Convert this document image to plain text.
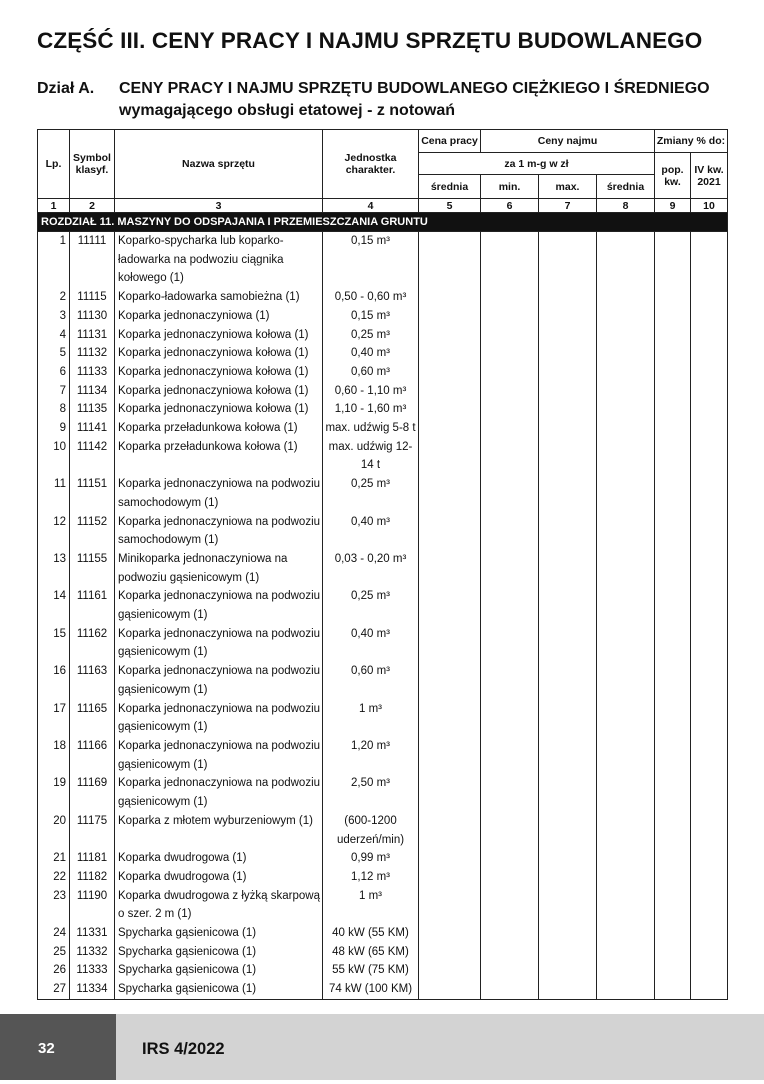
CZĘŚĆ III. CENY PRACY I NAJMU SPRZĘTU BUDOWLANEGO
Dział A. CENY PRACY I NAJMU SPRZĘTU BUDOWLANEGO CIĘŻKIEGO I ŚREDNIEGO
wymagającego obsługi etatowej - z notowań
Lp.	Symbol klasyf.	Nazwa sprzętu	Jednostka charakter.	Cena pracy	Ceny najmu			Zmiany % do:	
				za 1 m-g w zł				pop. kw.	IV kw. 2021
				średnia	min.	max.	średnia		
1	2	3	4	5	6	7	8	9	10
ROZDZIAŁ 11. MASZYNY DO ODSPAJANIA I PRZEMIESZCZANIA GRUNTU									
1	11111	Koparko-spycharka lub koparko-ładowarka na podwoziu ciągnika kołowego (1)	0,15 m³						
2	11115	Koparko-ładowarka samobieżna (1)	0,50 - 0,60 m³						
3	11130	Koparka jednonaczyniowa (1)	0,15 m³						
4	11131	Koparka jednonaczyniowa kołowa (1)	0,25 m³						
5	11132	Koparka jednonaczyniowa kołowa (1)	0,40 m³						
6	11133	Koparka jednonaczyniowa kołowa (1)	0,60 m³						
7	11134	Koparka jednonaczyniowa kołowa (1)	0,60 - 1,10 m³						
8	11135	Koparka jednonaczyniowa kołowa (1)	1,10 - 1,60 m³						
9	11141	Koparka przeładunkowa kołowa (1)	max. udźwig 5-8 t						
10	11142	Koparka przeładunkowa kołowa (1)	max. udźwig 12-14 t						
11	11151	Koparka jednonaczyniowa na podwoziu samochodowym (1)	0,25 m³						
12	11152	Koparka jednonaczyniowa na podwoziu samochodowym (1)	0,40 m³						
13	11155	Minikoparka jednonaczyniowa na podwoziu gąsienicowym (1)	0,03 - 0,20 m³						
14	11161	Koparka jednonaczyniowa na podwoziu gąsienicowym (1)	0,25 m³						
15	11162	Koparka jednonaczyniowa na podwoziu gąsienicowym (1)	0,40 m³						
16	11163	Koparka jednonaczyniowa na podwoziu gąsienicowym (1)	0,60 m³						
17	11165	Koparka jednonaczyniowa na podwoziu gąsienicowym (1)	1 m³						
18	11166	Koparka jednonaczyniowa na podwoziu gąsienicowym (1)	1,20 m³						
19	11169	Koparka jednonaczyniowa na podwoziu gąsienicowym (1)	2,50 m³						
20	11175	Koparka z młotem wyburzeniowym (1)	(600-1200 uderzeń/min)						
21	11181	Koparka dwudrogowa (1)	0,99 m³						
22	11182	Koparka dwudrogowa (1)	1,12 m³						
23	11190	Koparka dwudrogowa z łyżką skarpową o szer. 2 m (1)	1 m³						
24	11331	Spycharka gąsienicowa (1)	40 kW (55 KM)						
25	11332	Spycharka gąsienicowa (1)	48 kW (65 KM)						
26	11333	Spycharka gąsienicowa (1)	55 kW (75 KM)						
27	11334	Spycharka gąsienicowa (1)	74 kW (100 KM)						
32	IRS 4/2022
